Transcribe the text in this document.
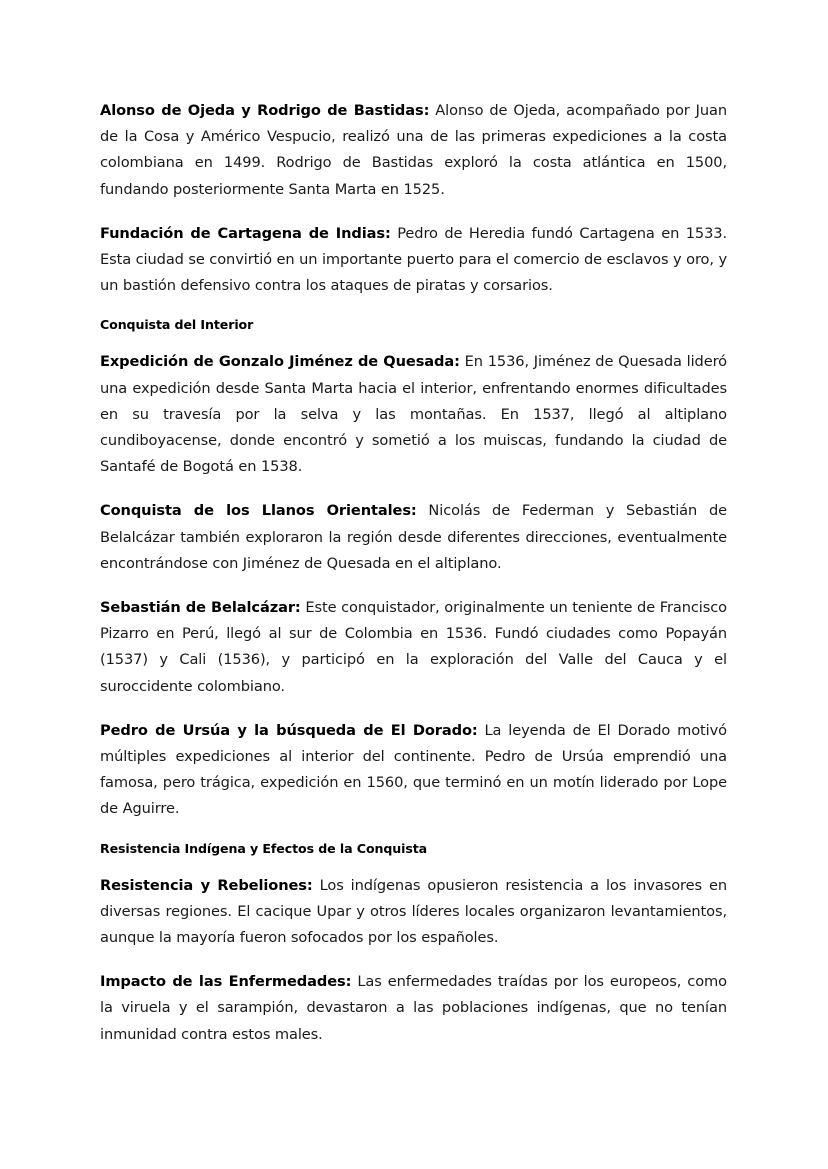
Alonso de Ojeda y Rodrigo de Bastidas: Alonso de Ojeda, acompañado por Juan de la Cosa y Américo Vespucio, realizó una de las primeras expediciones a la costa colombiana en 1499. Rodrigo de Bastidas exploró la costa atlántica en 1500, fundando posteriormente Santa Marta en 1525.

Fundación de Cartagena de Indias: Pedro de Heredia fundó Cartagena en 1533. Esta ciudad se convirtió en un importante puerto para el comercio de esclavos y oro, y un bastión defensivo contra los ataques de piratas y corsarios.

Conquista del Interior

Expedición de Gonzalo Jiménez de Quesada: En 1536, Jiménez de Quesada lideró una expedición desde Santa Marta hacia el interior, enfrentando enormes dificultades en su travesía por la selva y las montañas. En 1537, llegó al altiplano cundiboyacense, donde encontró y sometió a los muiscas, fundando la ciudad de Santafé de Bogotá en 1538.

Conquista de los Llanos Orientales: Nicolás de Federman y Sebastián de Belalcázar también exploraron la región desde diferentes direcciones, eventualmente encontrándose con Jiménez de Quesada en el altiplano.

Sebastián de Belalcázar: Este conquistador, originalmente un teniente de Francisco Pizarro en Perú, llegó al sur de Colombia en 1536. Fundó ciudades como Popayán (1537) y Cali (1536), y participó en la exploración del Valle del Cauca y el suroccidente colombiano.

Pedro de Ursúa y la búsqueda de El Dorado: La leyenda de El Dorado motivó múltiples expediciones al interior del continente. Pedro de Ursúa emprendió una famosa, pero trágica, expedición en 1560, que terminó en un motín liderado por Lope de Aguirre.

Resistencia Indígena y Efectos de la Conquista

Resistencia y Rebeliones: Los indígenas opusieron resistencia a los invasores en diversas regiones. El cacique Upar y otros líderes locales organizaron levantamientos, aunque la mayoría fueron sofocados por los españoles.

Impacto de las Enfermedades: Las enfermedades traídas por los europeos, como la viruela y el sarampión, devastaron a las poblaciones indígenas, que no tenían inmunidad contra estos males.
